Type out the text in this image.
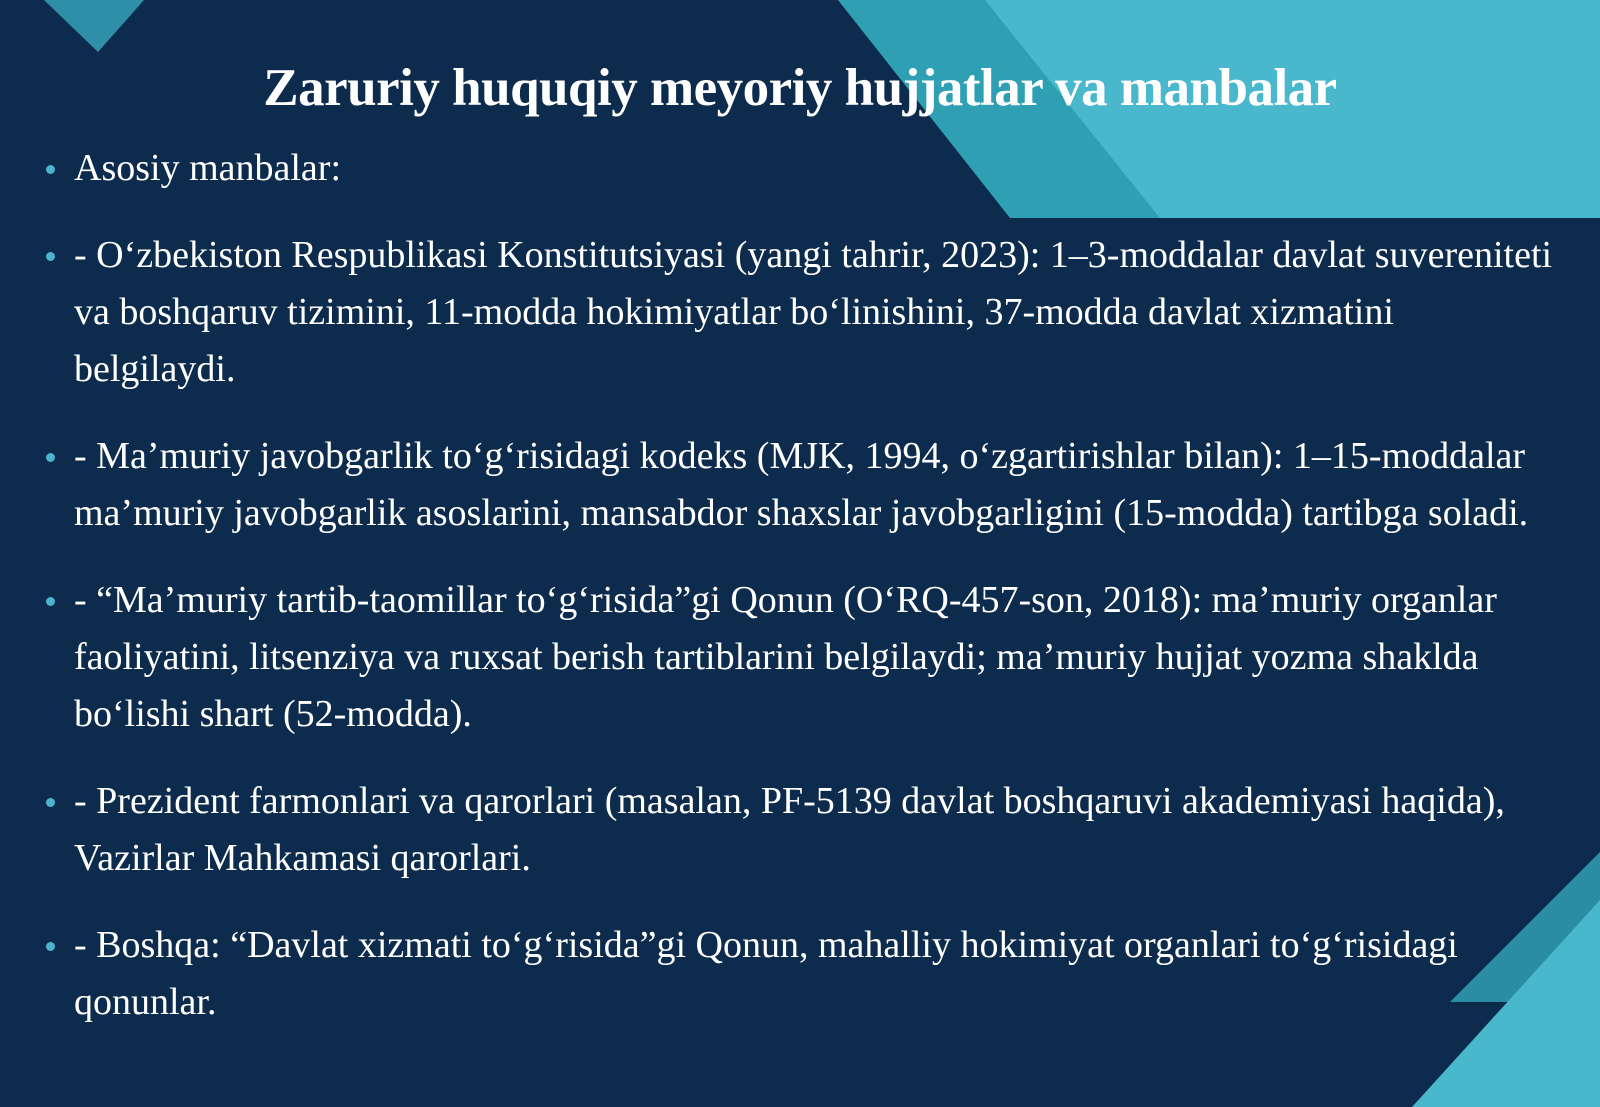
Zaruriy huquqiy meyoriy hujjatlar va manbalar
Asosiy manbalar:
- O‘zbekiston Respublikasi Konstitutsiyasi (yangi tahrir, 2023): 1–3-moddalar davlat suvereniteti va boshqaruv tizimini, 11-modda hokimiyatlar bo‘linishini, 37-modda davlat xizmatini belgilaydi.
- Ma’muriy javobgarlik to‘g‘risidagi kodeks (MJK, 1994, o‘zgartirishlar bilan): 1–15-moddalar ma’muriy javobgarlik asoslarini, mansabdor shaxslar javobgarligini (15-modda) tartibga soladi.
- “Ma’muriy tartib-taomillar to‘g‘risida”gi Qonun (O‘RQ-457-son, 2018): ma’muriy organlar faoliyatini, litsenziya va ruxsat berish tartiblarini belgilaydi; ma’muriy hujjat yozma shaklda bo‘lishi shart (52-modda).
- Prezident farmonlari va qarorlari (masalan, PF-5139 davlat boshqaruvi akademiyasi haqida), Vazirlar Mahkamasi qarorlari.
- Boshqa: “Davlat xizmati to‘g‘risida”gi Qonun, mahalliy hokimiyat organlari to‘g‘risidagi qonunlar.
